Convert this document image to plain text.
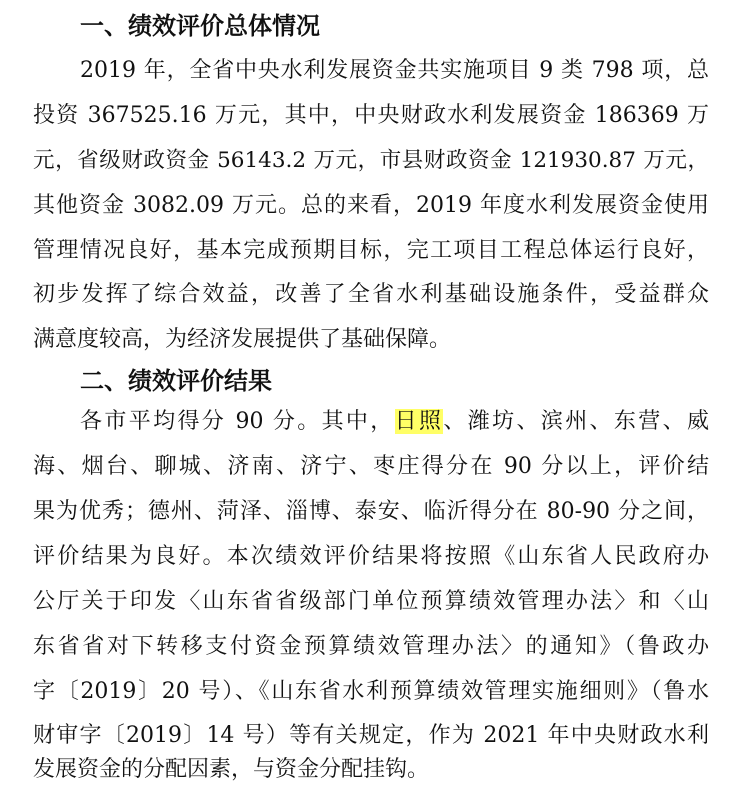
一、绩效评价总体情况
2019 年，全省中央水利发展资金共实施项目 9 类 798 项，总
投资 367525.16 万元，其中，中央财政水利发展资金 186369 万
元，省级财政资金 56143.2 万元，市县财政资金 121930.87 万元，
其他资金 3082.09 万元。总的来看，2019 年度水利发展资金使用
管理情况良好，基本完成预期目标，完工项目工程总体运行良好，
初步发挥了综合效益，改善了全省水利基础设施条件，受益群众
满意度较高，为经济发展提供了基础保障。
二、绩效评价结果
各市平均得分 90 分。其中，日照、潍坊、滨州、东营、威
海、烟台、聊城、济南、济宁、枣庄得分在 90 分以上，评价结
果为优秀；德州、菏泽、淄博、泰安、临沂得分在 80-90 分之间，
评价结果为良好。本次绩效评价结果将按照《山东省人民政府办
公厅关于印发〈山东省省级部门单位预算绩效管理办法〉和〈山
东省省对下转移支付资金预算绩效管理办法〉的通知》（鲁政办
字〔2019〕20 号）、《山东省水利预算绩效管理实施细则》（鲁水
财审字〔2019〕14 号）等有关规定，作为 2021 年中央财政水利
发展资金的分配因素，与资金分配挂钩。
